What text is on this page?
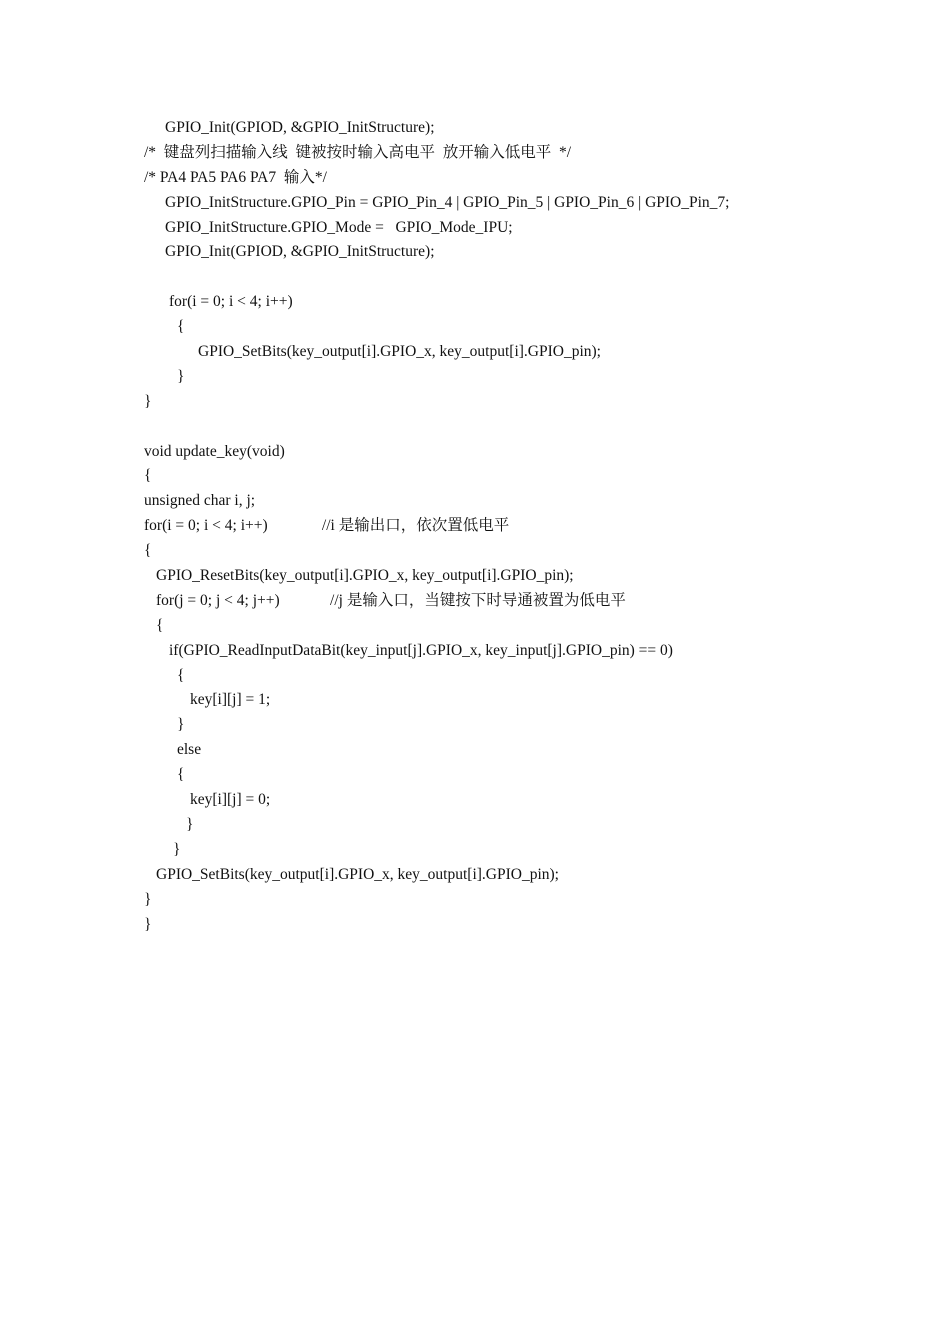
GPIO_Init(GPIOD, &GPIO_InitStructure);
/*  键盘列扫描输入线  键被按时输入高电平  放开输入低电平  */
/* PA4 PA5 PA6 PA7  输入*/
GPIO_InitStructure.GPIO_Pin = GPIO_Pin_4 | GPIO_Pin_5 | GPIO_Pin_6 | GPIO_Pin_7;
GPIO_InitStructure.GPIO_Mode =   GPIO_Mode_IPU;
GPIO_Init(GPIOD, &GPIO_InitStructure);
for(i = 0; i < 4; i++)
{
GPIO_SetBits(key_output[i].GPIO_x, key_output[i].GPIO_pin);
}
}
void update_key(void)
{
unsigned char i, j;
for(i = 0; i < 4; i++)              //i 是输出口，依次置低电平
{
GPIO_ResetBits(key_output[i].GPIO_x, key_output[i].GPIO_pin);
for(j = 0; j < 4; j++)             //j 是输入口，当键按下时导通被置为低电平
{
if(GPIO_ReadInputDataBit(key_input[j].GPIO_x, key_input[j].GPIO_pin) == 0)
{
key[i][j] = 1;
}
else
{
key[i][j] = 0;
}
}
GPIO_SetBits(key_output[i].GPIO_x, key_output[i].GPIO_pin);
}
}
